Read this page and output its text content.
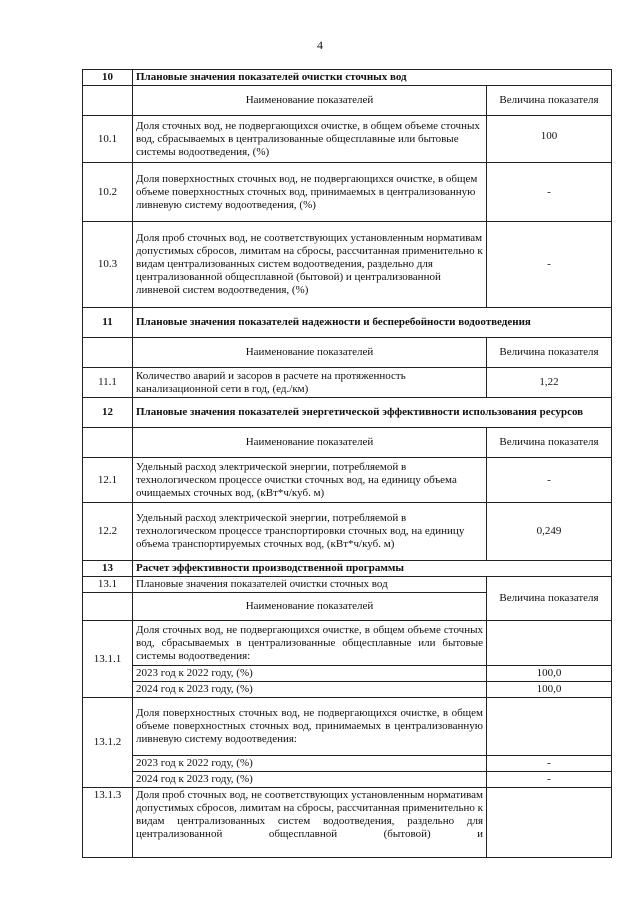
4
10	Плановые значения показателей очистки сточных вод	
	Наименование показателей	Величина показателя
10.1	Доля сточных вод, не подвергающихся очистке, в общем объеме сточных вод, сбрасываемых в централизованные общесплавные или бытовые системы водоотведения, (%)	100
10.2	Доля поверхностных сточных вод, не подвергающихся очистке, в общем объеме поверхностных сточных вод, принимаемых в централизованную ливневую систему водоотведения, (%)	-
10.3	Доля проб сточных вод, не соответствующих установленным нормативам допустимых сбросов, лимитам на сбросы, рассчитанная применительно к видам централизованных систем водоотведения, раздельно для централизованной общесплавной (бытовой) и централизованной ливневой систем водоотведения, (%)	-
11	Плановые значения показателей надежности и бесперебойности водоотведения	
	Наименование показателей	Величина показателя
11.1	Количество аварий и засоров в расчете на протяженность канализационной сети в год, (ед./км)	1,22
12	Плановые значения показателей энергетической эффективности использования ресурсов	
	Наименование показателей	Величина показателя
12.1	Удельный расход электрической энергии, потребляемой в технологическом процессе очистки сточных вод, на единицу объема очищаемых сточных вод, (кВт*ч/куб. м)	-
12.2	Удельный расход электрической энергии, потребляемой в технологическом процессе транспортировки сточных вод, на единицу объема транспортируемых сточных вод, (кВт*ч/куб. м)	0,249
13	Расчет эффективности производственной программы	
13.1	Плановые значения показателей очистки сточных вод	Величина показателя
	Наименование показателей	
13.1.1	Доля сточных вод, не подвергающихся очистке, в общем объеме сточных вод, сбрасываемых в централизованные общесплавные или бытовые системы водоотведения:	
	2023 год к 2022 году, (%)	100,0
	2024 год к 2023 году, (%)	100,0
13.1.2	Доля поверхностных сточных вод, не подвергающихся очистке, в общем объеме поверхностных сточных вод, принимаемых в централизованную ливневую систему водоотведения:	
	2023 год к 2022 году, (%)	-
	2024 год к 2023 году, (%)	-
13.1.3	Доля проб сточных вод, не соответствующих установленным нормативам допустимых сбросов, лимитам на сбросы, рассчитанная применительно к видам централизованных систем водоотведения, раздельно для централизованной общесплавной (бытовой) и	
